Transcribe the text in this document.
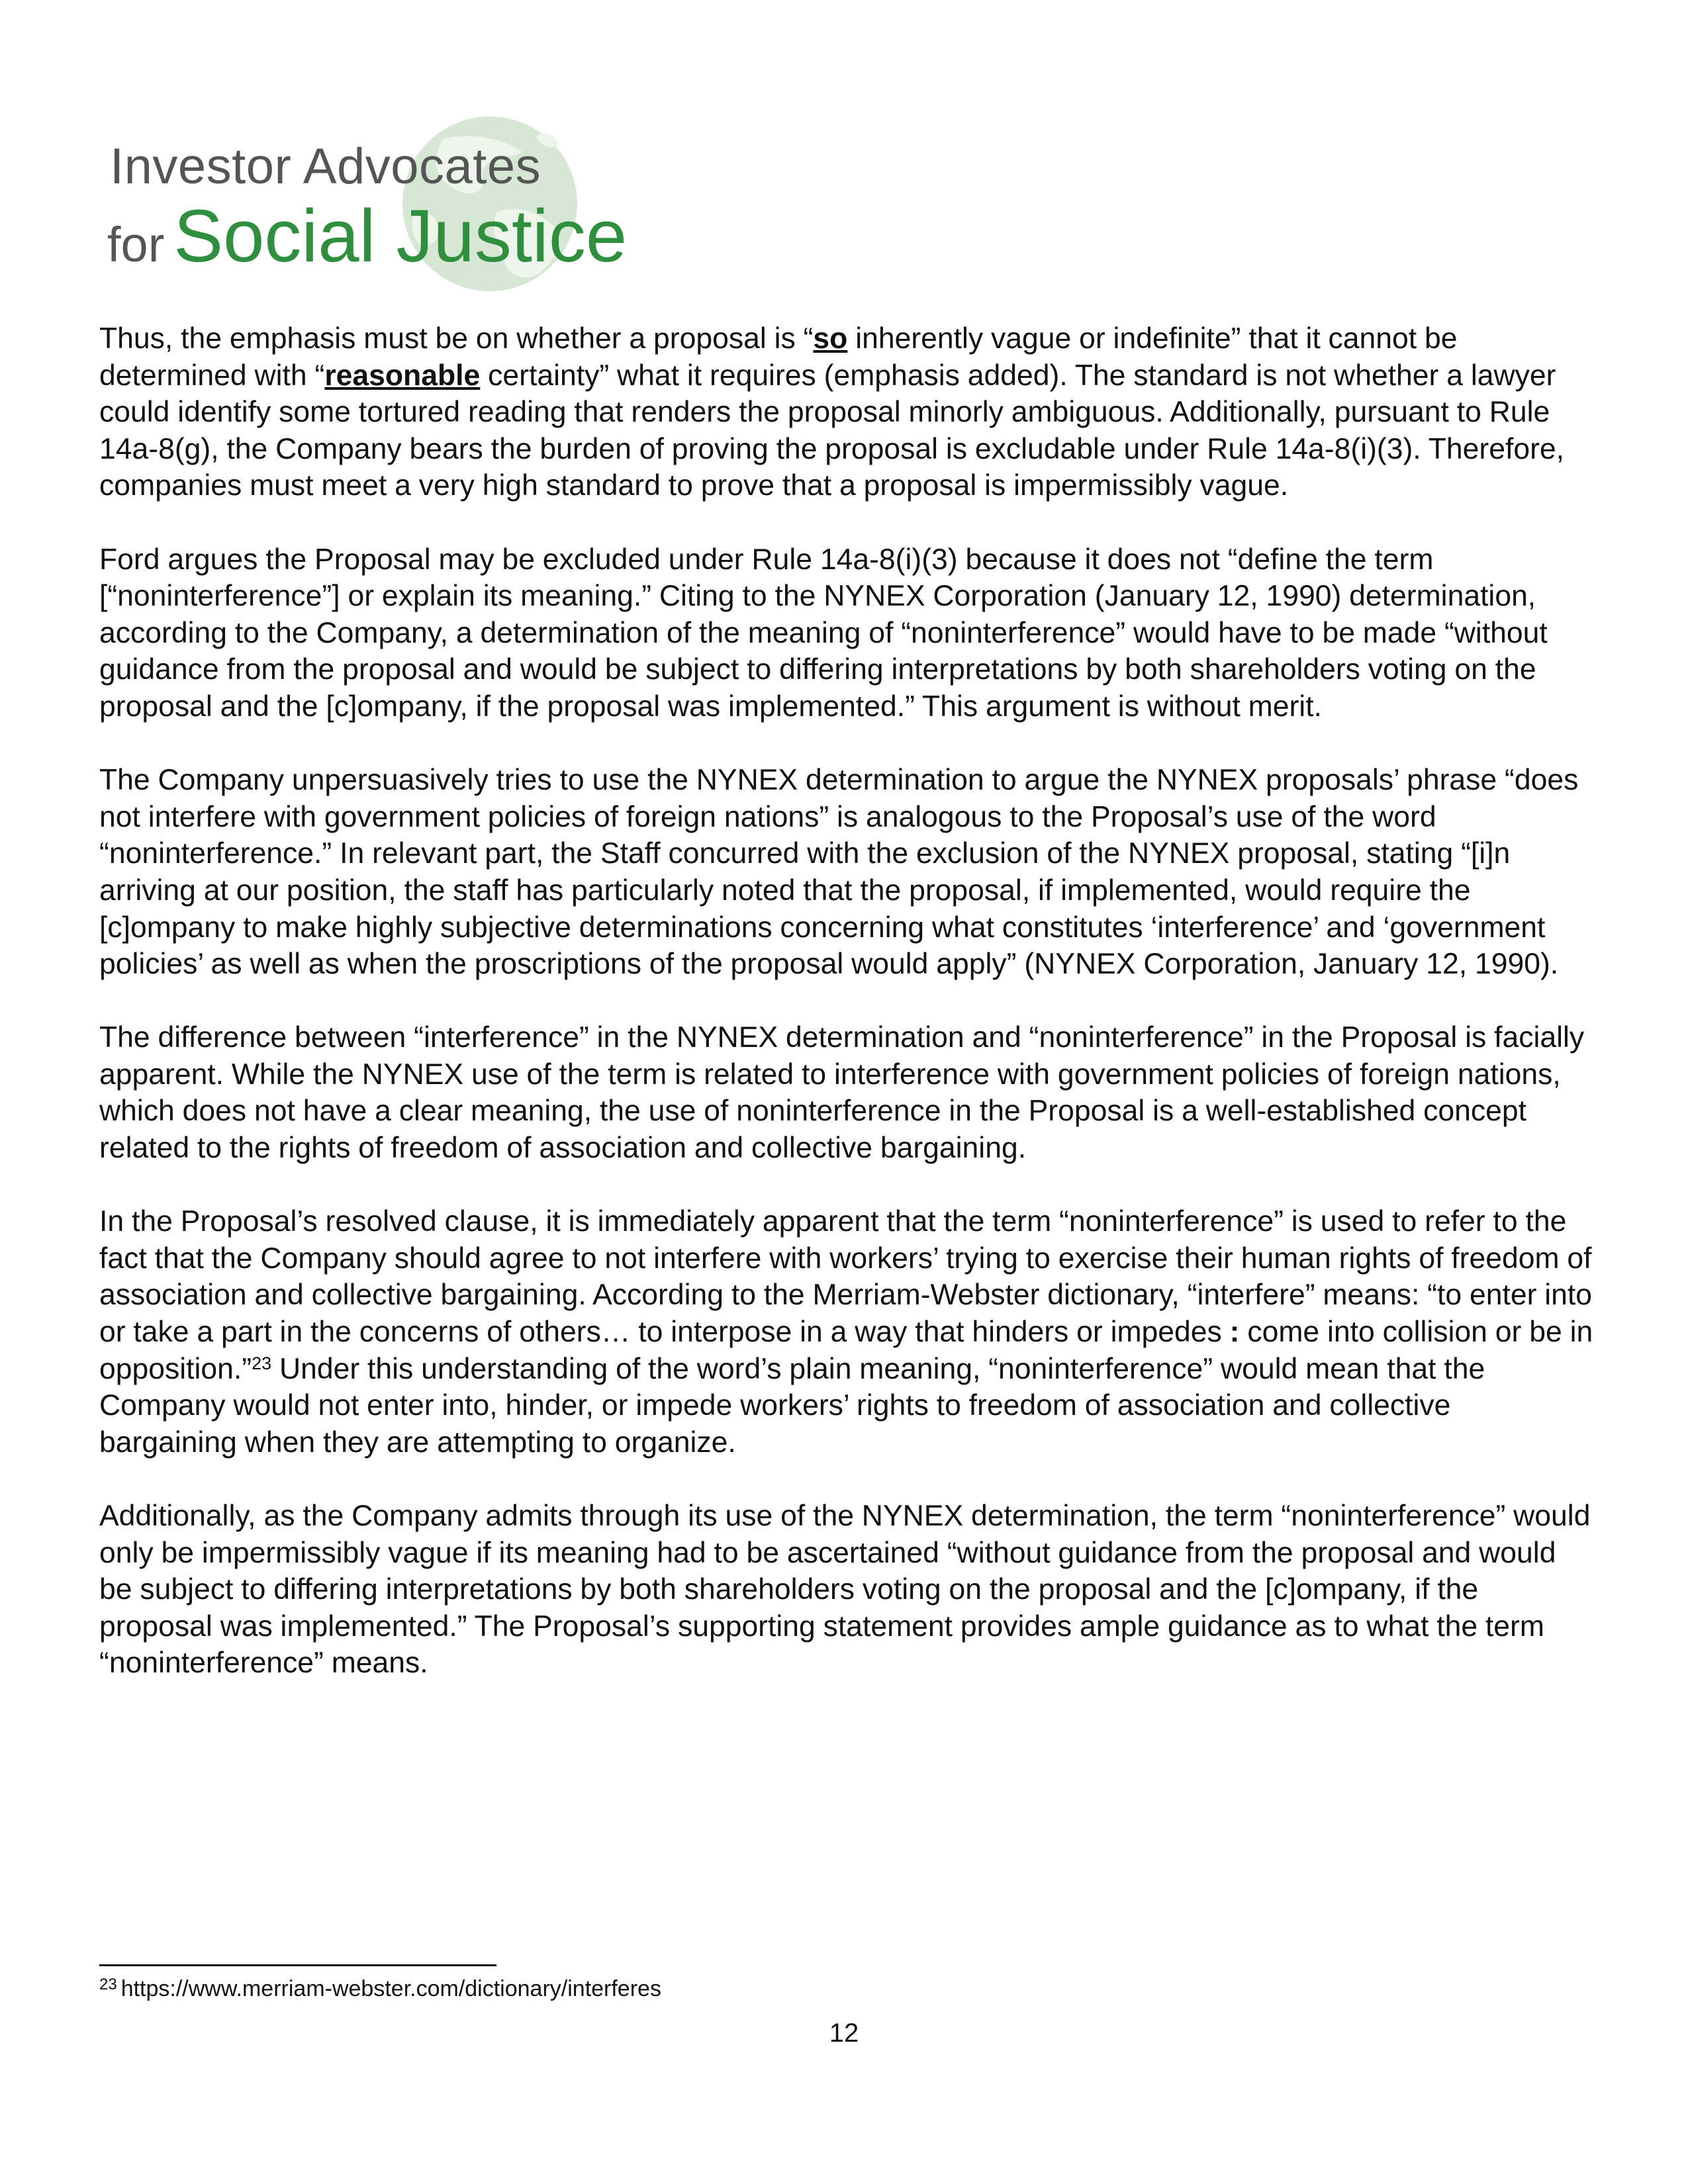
Investor Advocates
for Social Justice

Thus, the emphasis must be on whether a proposal is “so inherently vague or indefinite” that it cannot be determined with “reasonable certainty” what it requires (emphasis added). The standard is not whether a lawyer could identify some tortured reading that renders the proposal minorly ambiguous. Additionally, pursuant to Rule 14a-8(g), the Company bears the burden of proving the proposal is excludable under Rule 14a-8(i)(3). Therefore, companies must meet a very high standard to prove that a proposal is impermissibly vague.

Ford argues the Proposal may be excluded under Rule 14a-8(i)(3) because it does not “define the term [“noninterference”] or explain its meaning.” Citing to the NYNEX Corporation (January 12, 1990) determination, according to the Company, a determination of the meaning of “noninterference” would have to be made “without guidance from the proposal and would be subject to differing interpretations by both shareholders voting on the proposal and the [c]ompany, if the proposal was implemented.” This argument is without merit.

The Company unpersuasively tries to use the NYNEX determination to argue the NYNEX proposals’ phrase “does not interfere with government policies of foreign nations” is analogous to the Proposal’s use of the word “noninterference.” In relevant part, the Staff concurred with the exclusion of the NYNEX proposal, stating “[i]n arriving at our position, the staff has particularly noted that the proposal, if implemented, would require the [c]ompany to make highly subjective determinations concerning what constitutes ‘interference’ and ‘government policies’ as well as when the proscriptions of the proposal would apply” (NYNEX Corporation, January 12, 1990).

The difference between “interference” in the NYNEX determination and “noninterference” in the Proposal is facially apparent. While the NYNEX use of the term is related to interference with government policies of foreign nations, which does not have a clear meaning, the use of noninterference in the Proposal is a well-established concept related to the rights of freedom of association and collective bargaining.

In the Proposal’s resolved clause, it is immediately apparent that the term “noninterference” is used to refer to the fact that the Company should agree to not interfere with workers’ trying to exercise their human rights of freedom of association and collective bargaining. According to the Merriam-Webster dictionary, “interfere” means: “to enter into or take a part in the concerns of others… to interpose in a way that hinders or impedes : come into collision or be in opposition.”$^{23}$ Under this understanding of the word’s plain meaning, “noninterference” would mean that the Company would not enter into, hinder, or impede workers’ rights to freedom of association and collective bargaining when they are attempting to organize.

Additionally, as the Company admits through its use of the NYNEX determination, the term “noninterference” would only be impermissibly vague if its meaning had to be ascertained “without guidance from the proposal and would be subject to differing interpretations by both shareholders voting on the proposal and the [c]ompany, if the proposal was implemented.” The Proposal’s supporting statement provides ample guidance as to what the term “noninterference” means.

$^{23}$ https://www.merriam-webster.com/dictionary/interferes
12
